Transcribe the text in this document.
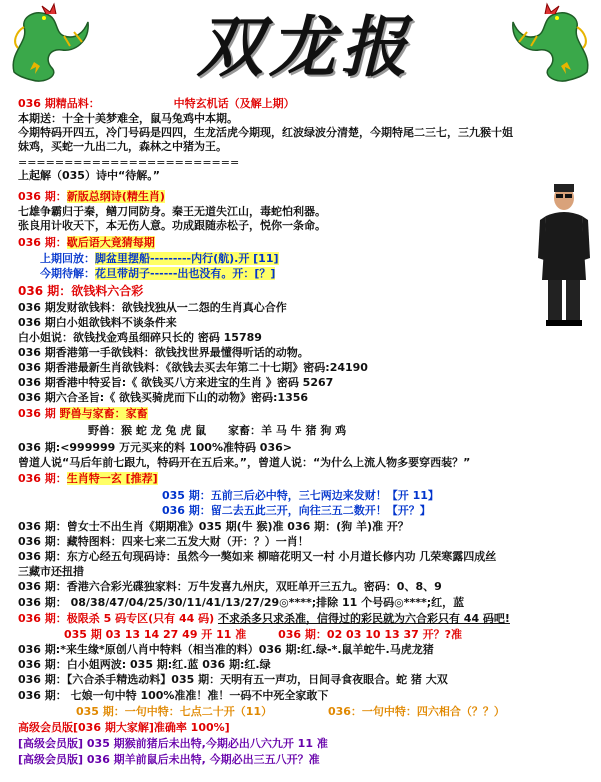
双龙报
036 期精品料：	中特玄机话（及解上期）
本期送：十全十美梦难全，鼠马兔鸡中本期。
今期特码开四五，冷门号码是四四，生龙活虎今期现，红波绿波分清楚，今期特尾二三七，三九猴十姐
妹鸡，买蛇一九出二九，森林之中猪为王。
========================
上起解（035）诗中“待解。”
036 期：新版总纲诗(精生肖)
七雄争霸归于秦，鳝刀同防身。秦王无道失江山，毒蛇怕利器。
张良用计收天下，本无伤人意。功成跟随赤松子，悦你一条命。
036 期：歇后语大竟猜每期
上期回放：脚盆里摆船---------内行(航).开 [11]
今期待解：花旦带胡子------出也没有。开：[？]
036 期：欲钱料六合彩
036 期发财欲钱料：欲钱找独从一二怨的生肖真心合作
036 期白小姐欲钱料不谈条件来
白小姐说：欲钱找金鸡虽细碎只长的 密码 15789
036 期香港第一手欲钱料：欲钱找世界最懂得听话的动物。
036 期香港最新生肖欲钱料：《欲钱去买去年第二十七期》密码:24190
036 期香港中特妥旨:《 欲钱买八方来进宝的生肖 》密码 5267
036 期六合圣旨:《 欲钱买骑虎而下山的动物》密码:1356
036 期 野兽与家畜：家畜
野兽：猴 蛇 龙 兔 虎 鼠 家畜：羊 马 牛 猪 狗 鸡
036 期:<999999 万元买来的料 100%准特码 036>
曾道人说“马后年前七跟九，特码开在五后来。”，曾道人说：“为什么上流人物多要穿西装？”
036 期：生肖特一玄 [推荐]
035 期：五前三后必中特，三七两边来发财！【开 11】
036 期：留二去五此三开，向往三五二数开！【开？】
036 期：曾女士不出生肖《期期准》035 期(牛 猴)准 036 期：(狗 羊)准 开？
036 期：藏特图料：四来七来二五发大财（开：？）一肖！
036 期：东方心经五句现码诗：虽然今一獒如来 柳暗花明又一村 小月道长修内功 几荣寒露四成丝
三藏市还扭措
036 期：香港六合彩光碟独家料：万牛发喜九州庆，双旺单开三五九。密码：0、8、9
036 期： 08/38/47/04/25/30/11/41/13/27/29◎****;排除 11 个号码◎****;红，蓝
036 期：极限杀 5 码专区(只有 44 码) 不求杀多只求杀准，信得过的彩民就为六合彩只有 44 码吧!
035 期 03 13 14 27 49 开 11 准	036 期：02 03 10 13 37 开？?准
036 期:*来生缘*原创八肖中特料（相当准的料）036 期:红.绿-*.鼠羊蛇牛.马虎龙猪
036 期：白小姐两波: 035 期:红.蓝 036 期:红.绿
036 期：【六合杀手精选动料】035 期：天明有五一声功，日间寻食夜眼合。蛇 猪 大双
036 期： 七娘一句中特 100%准准！准！一码不中死全家敢下
035 期：一句中特：七点二十开（11）	036：一句中特：四六相合（？？）
高级会员版[036 期大家解]准确率 100%]
[高级会员版] 035 期猴前猪后未出特,今期必出八六九开 11 准
[高级会员版] 036 期羊前鼠后未出特, 今期必出三五八开？准
